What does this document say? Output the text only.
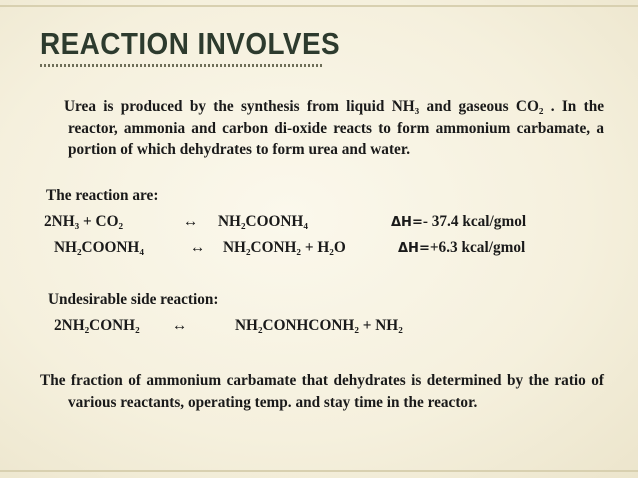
REACTION INVOLVES
Urea is produced by the synthesis from liquid NH₃ and gaseous CO₂ . In the reactor, ammonia and carbon di-oxide reacts to form ammonium carbamate, a portion of which dehydrates to form urea and water.
The reaction are:
2NH₃ + CO₂	↔ NH₂COONH₄	ΔH=- 37.4 kcal/gmol
NH₂COONH₄	↔ NH₂CONH₂ + H₂O	ΔH=+6.3 kcal/gmol
Undesirable side reaction:
2NH₂CONH₂ ↔	NH₂CONHCONH₂ + NH₂
The fraction of ammonium carbamate that dehydrates is determined by the ratio of various reactants, operating temp. and stay time in the reactor.
